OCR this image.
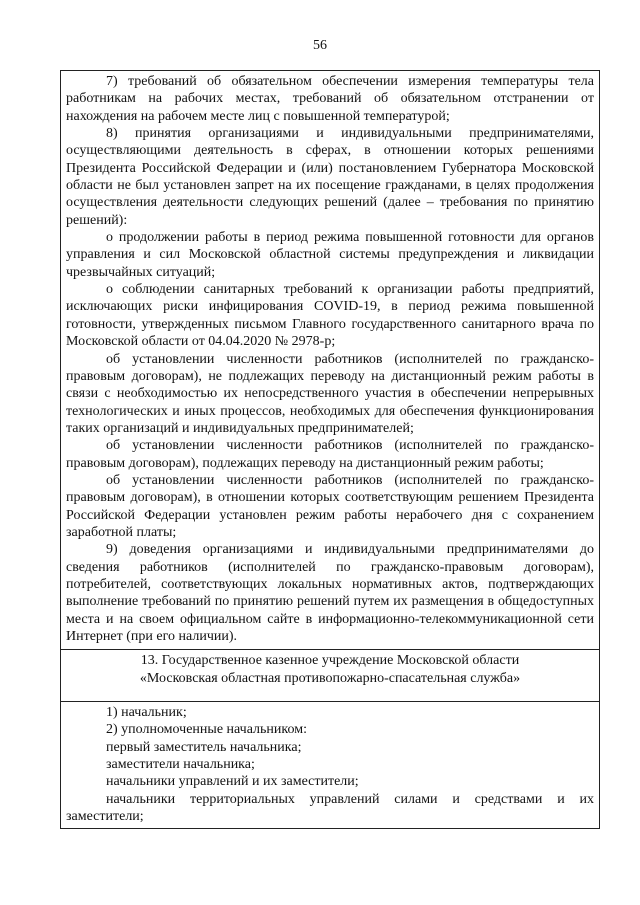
56

7) требований об обязательном обеспечении измерения температуры тела работникам на рабочих местах, требований об обязательном отстранении от нахождения на рабочем месте лиц с повышенной температурой;

8) принятия организациями и индивидуальными предпринимателями, осуществляющими деятельность в сферах, в отношении которых решениями Президента Российской Федерации и (или) постановлением Губернатора Московской области не был установлен запрет на их посещение гражданами, в целях продолжения осуществления деятельности следующих решений (далее – требования по принятию решений):

о продолжении работы в период режима повышенной готовности для органов управления и сил Московской областной системы предупреждения и ликвидации чрезвычайных ситуаций;

о соблюдении санитарных требований к организации работы предприятий, исключающих риски инфицирования COVID-19, в период режима повышенной готовности, утвержденных письмом Главного государственного санитарного врача по Московской области от 04.04.2020 № 2978-р;

об установлении численности работников (исполнителей по гражданско-правовым договорам), не подлежащих переводу на дистанционный режим работы в связи с необходимостью их непосредственного участия в обеспечении непрерывных технологических и иных процессов, необходимых для обеспечения функционирования таких организаций и индивидуальных предпринимателей;

об установлении численности работников (исполнителей по гражданско-правовым договорам), подлежащих переводу на дистанционный режим работы;

об установлении численности работников (исполнителей по гражданско-правовым договорам), в отношении которых соответствующим решением Президента Российской Федерации установлен режим работы нерабочего дня с сохранением заработной платы;

9) доведения организациями и индивидуальными предпринимателями до сведения работников (исполнителей по гражданско-правовым договорам), потребителей, соответствующих локальных нормативных актов, подтверждающих выполнение требований по принятию решений путем их размещения в общедоступных места и на своем официальном сайте в информационно-телекоммуникационной сети Интернет (при его наличии).

13. Государственное казенное учреждение Московской области
«Московская областная противопожарно-спасательная служба»

1) начальник;

2) уполномоченные начальником:

первый заместитель начальника;

заместители начальника;

начальники управлений и их заместители;

начальники территориальных управлений силами и средствами и их заместители;
